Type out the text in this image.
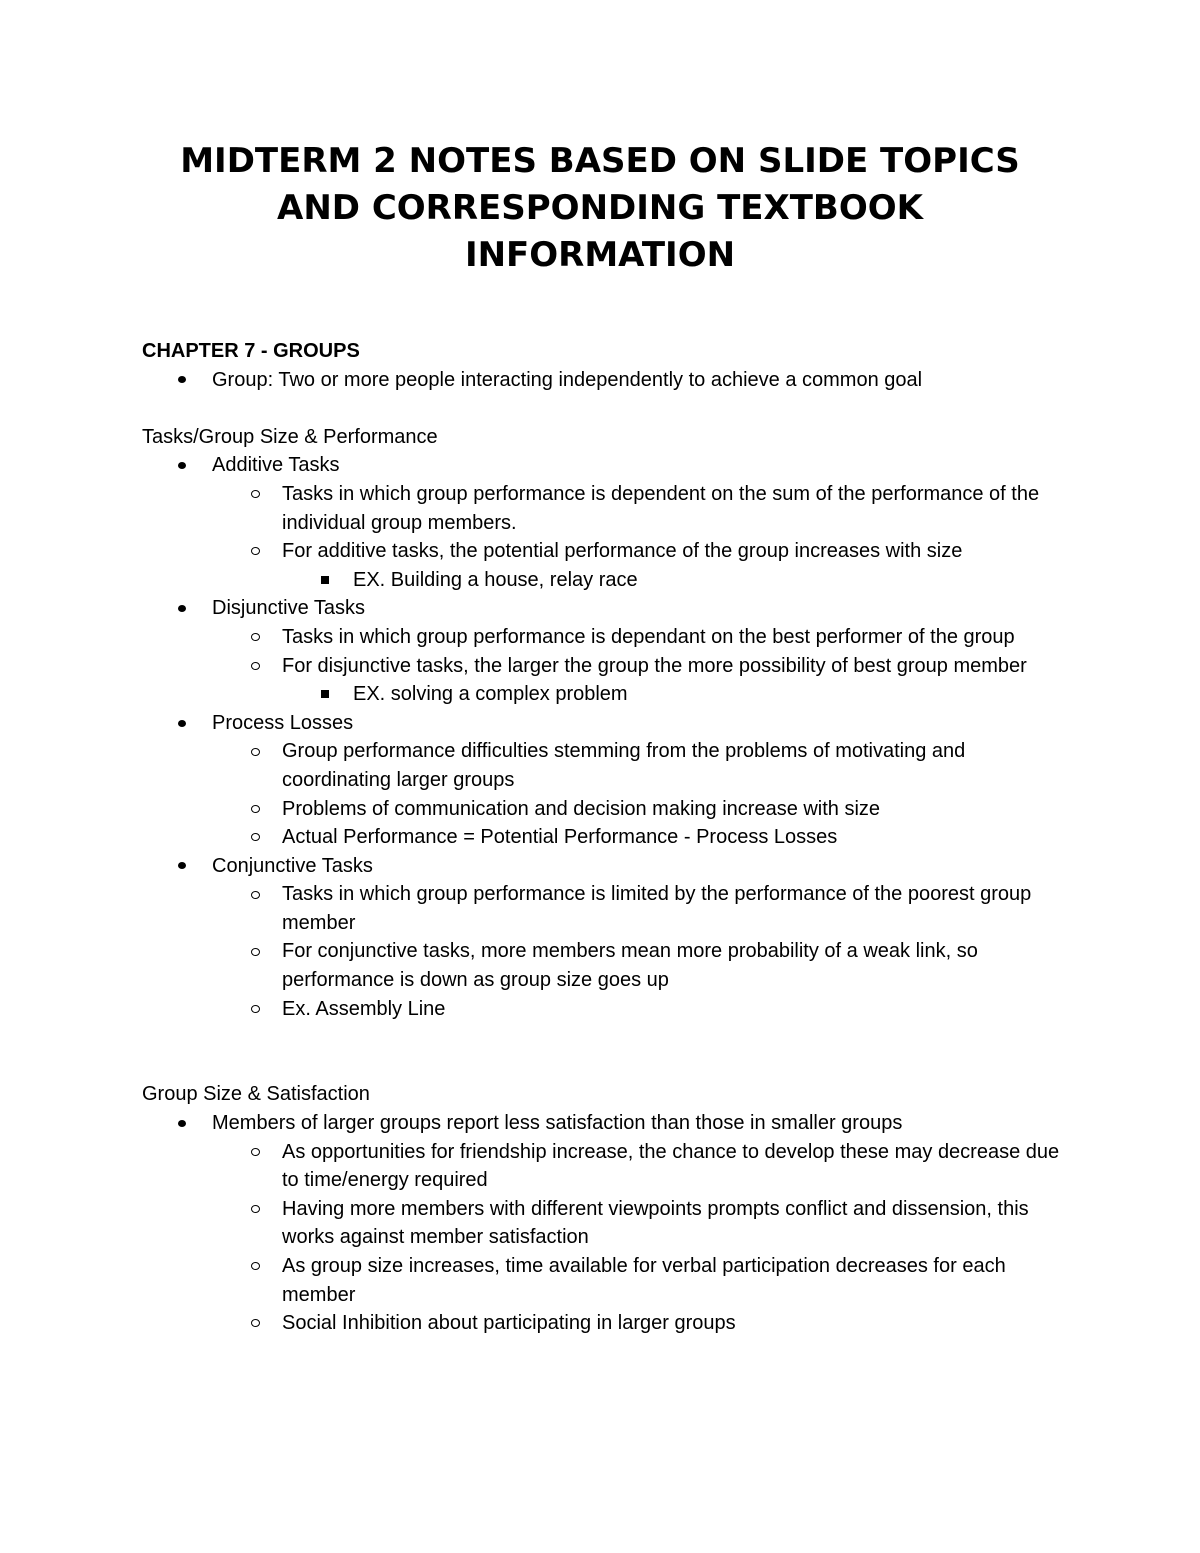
MIDTERM 2 NOTES BASED ON SLIDE TOPICS
AND CORRESPONDING TEXTBOOK
INFORMATION
CHAPTER 7 - GROUPS
Group: Two or more people interacting independently to achieve a common goal
Tasks/Group Size & Performance
Additive Tasks
Tasks in which group performance is dependent on the sum of the performance of the individual group members.
For additive tasks, the potential performance of the group increases with size
EX. Building a house, relay race
Disjunctive Tasks
Tasks in which group performance is dependant on the best performer of the group
For disjunctive tasks, the larger the group the more possibility of best group member
EX. solving a complex problem
Process Losses
Group performance difficulties stemming from the problems of motivating and coordinating larger groups
Problems of communication and decision making increase with size
Actual Performance = Potential Performance - Process Losses
Conjunctive Tasks
Tasks in which group performance is limited by the performance of the poorest group member
For conjunctive tasks, more members mean more probability of a weak link, so performance is down as group size goes up
Ex. Assembly Line
Group Size & Satisfaction
Members of larger groups report less satisfaction than those in smaller groups
As opportunities for friendship increase, the chance to develop these may decrease due to time/energy required
Having more members with different viewpoints prompts conflict and dissension, this works against member satisfaction
As group size increases, time available for verbal participation decreases for each member
Social Inhibition about participating in larger groups
